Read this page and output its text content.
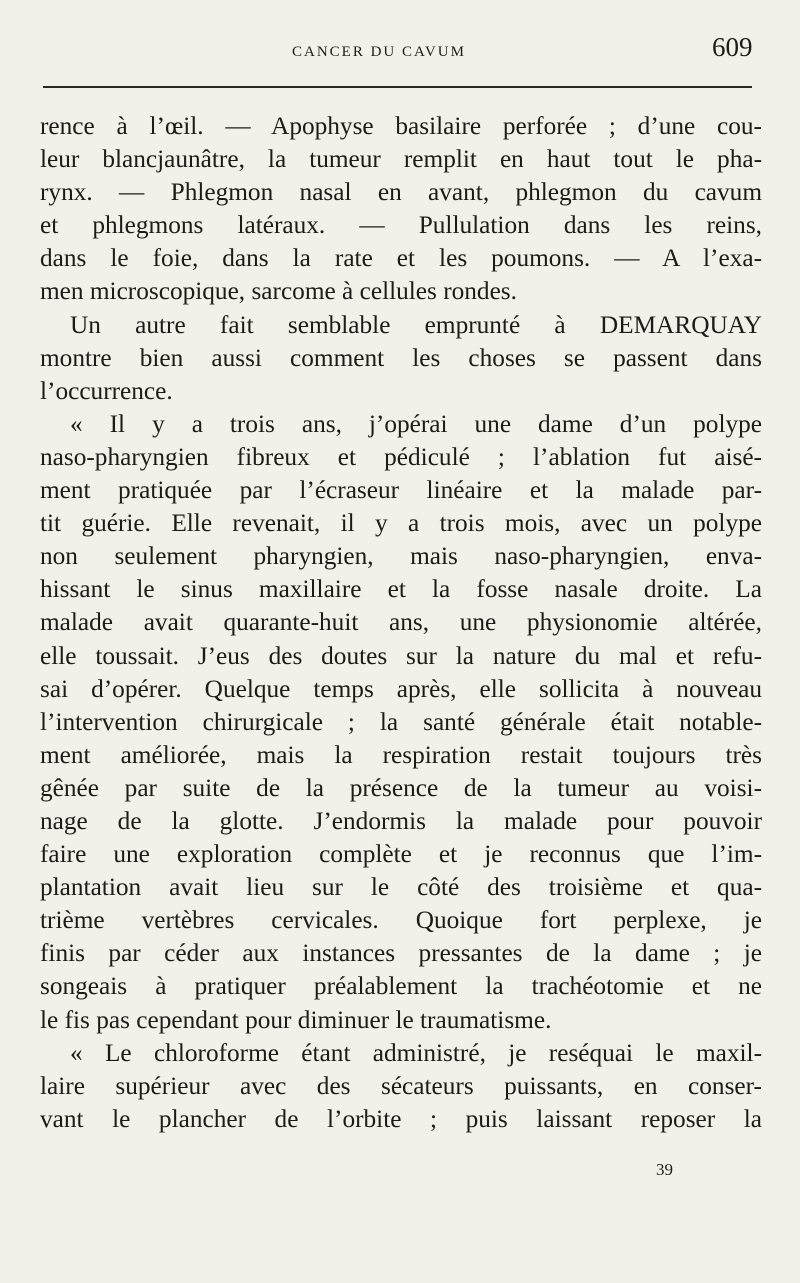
CANCER DU CAVUM	609
rence à l’œil. — Apophyse basilaire perforée ; d’une cou-
leur blancjaunâtre, la tumeur remplit en haut tout le pha-
rynx. — Phlegmon nasal en avant, phlegmon du cavum
et phlegmons latéraux. — Pullulation dans les reins,
dans le foie, dans la rate et les poumons. — A l’exa-
men microscopique, sarcome à cellules rondes.
Un autre fait semblable emprunté à DEMARQUAY
montre bien aussi comment les choses se passent dans
l’occurrence.
« Il y a trois ans, j’opérai une dame d’un polype
naso-pharyngien fibreux et pédiculé ; l’ablation fut aisé-
ment pratiquée par l’écraseur linéaire et la malade par-
tit guérie. Elle revenait, il y a trois mois, avec un polype
non seulement pharyngien, mais naso-pharyngien, enva-
hissant le sinus maxillaire et la fosse nasale droite. La
malade avait quarante-huit ans, une physionomie altérée,
elle toussait. J’eus des doutes sur la nature du mal et refu-
sai d’opérer. Quelque temps après, elle sollicita à nouveau
l’intervention chirurgicale ; la santé générale était notable-
ment améliorée, mais la respiration restait toujours très
gênée par suite de la présence de la tumeur au voisi-
nage de la glotte. J’endormis la malade pour pouvoir
faire une exploration complète et je reconnus que l’im-
plantation avait lieu sur le côté des troisième et qua-
trième vertèbres cervicales. Quoique fort perplexe, je
finis par céder aux instances pressantes de la dame ; je
songeais à pratiquer préalablement la trachéotomie et ne
le fis pas cependant pour diminuer le traumatisme.
« Le chloroforme étant administré, je reséquai le maxil-
laire supérieur avec des sécateurs puissants, en conser-
vant le plancher de l’orbite ; puis laissant reposer la
39
